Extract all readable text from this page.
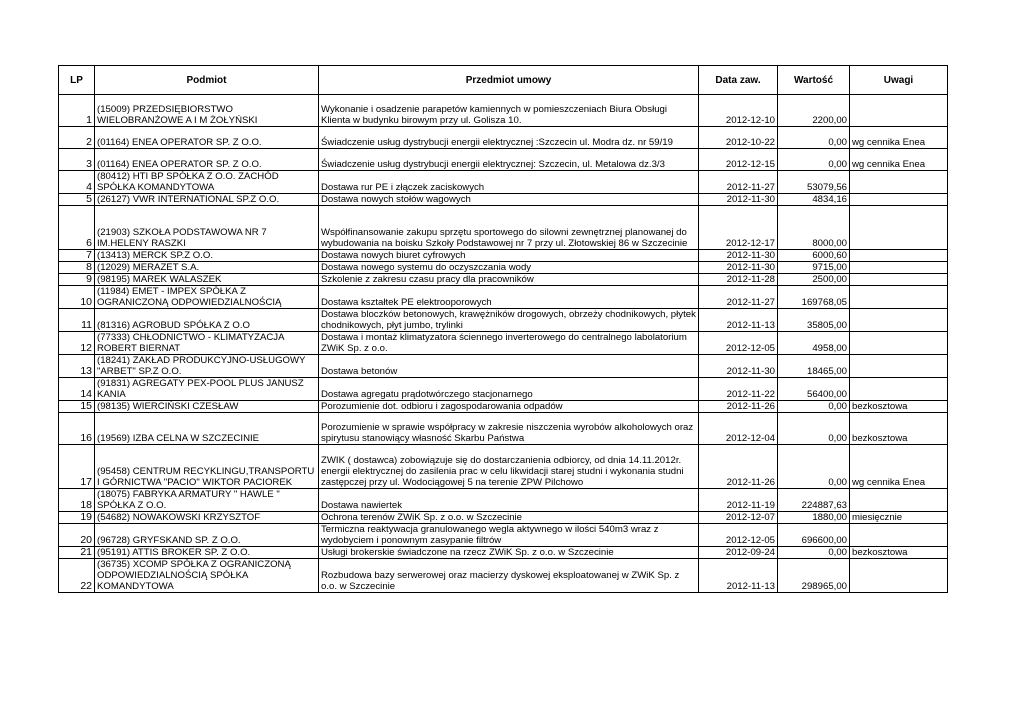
LP	Podmiot	Przedmiot umowy	Data zaw.	Wartość	Uwagi
1	(15009) PRZEDSIĘBIORSTWO WIELOBRANŻOWE A I M ŻOŁYŃSKI	Wykonanie i osadzenie parapetów kamiennych w pomieszczeniach Biura Obsługi Klienta w budynku birowym przy ul. Golisza 10.	2012-12-10	2200,00	
2	(01164) ENEA OPERATOR SP. Z O.O.	Świadczenie usług dystrybucji energii elektrycznej :Szczecin ul. Modra dz. nr 59/19	2012-10-22	0,00	wg cennika Enea
3	(01164) ENEA OPERATOR SP. Z O.O.	Świadczenie usług dystrybucji energii elektrycznej: Szczecin, ul. Metalowa dz.3/3	2012-12-15	0,00	wg cennika Enea
4	(80412) HTI BP SPÓŁKA Z O.O. ZACHÓD SPÓŁKA KOMANDYTOWA	Dostawa rur PE i złączek zaciskowych	2012-11-27	53079,56	
5	(26127) VWR INTERNATIONAL SP.Z O.O.	Dostawa nowych stołów wagowych	2012-11-30	4834,16	
6	(21903) SZKOŁA PODSTAWOWA NR 7 IM.HELENY RASZKI	Współfinansowanie zakupu sprzętu sportowego do silowni zewnętrznej planowanej do wybudowania na boisku Szkoły Podstawowej nr 7 przy ul. Złotowskiej 86 w Szczecinie	2012-12-17	8000,00	
7	(13413) MERCK SP.Z O.O.	Dostawa nowych biuret cyfrowych	2012-11-30	6000,60	
8	(12029) MERAZET S.A.	Dostawa nowego systemu do oczyszczania wody	2012-11-30	9715,00	
9	(98195) MAREK WALASZEK	Szkolenie z zakresu czasu pracy dla pracowników	2012-11-28	2500,00	
10	(11984) EMET - IMPEX SPÓŁKA Z OGRANICZONĄ ODPOWIEDZIALNOŚCIĄ	Dostawa kształtek PE elektrooporowych	2012-11-27	169768,05	
11	(81316) AGROBUD SPÓŁKA Z O.O	Dostawa bloczków betonowych, krawężników drogowych, obrzeży chodnikowych, płytek chodnikowych, płyt jumbo, trylinki	2012-11-13	35805,00	
12	(77333) CHŁODNICTWO - KLIMATYZACJA ROBERT BIERNAT	Dostawa i montaż klimatyzatora ściennego inverterowego do centralnego labolatorium ZWiK Sp. z o.o.	2012-12-05	4958,00	
13	(18241) ZAKŁAD PRODUKCYJNO-USŁUGOWY "ARBET" SP.Z O.O.	Dostawa betonów	2012-11-30	18465,00	
14	(91831) AGREGATY PEX-POOL PLUS JANUSZ KANIA	Dostawa agregatu prądotwórczego stacjonarnego	2012-11-22	56400,00	
15	(98135) WIERCIŃSKI CZESŁAW	Porozumienie dot. odbioru i zagospodarowania odpadów	2012-11-26	0,00	bezkosztowa
16	(19569) IZBA CELNA W SZCZECINIE	Porozumienie w sprawie współpracy w zakresie niszczenia wyrobów alkoholowych oraz spirytusu stanowiący własność Skarbu Państwa	2012-12-04	0,00	bezkosztowa
17	(95458) CENTRUM RECYKLINGU,TRANSPORTU I GÓRNICTWA "PACIO" WIKTOR PACIOREK	ZWIK ( dostawca) zobowiązuje się do dostarczanienia odbiorcy, od dnia 14.11.2012r. energii elektrycznej do zasilenia prac w celu likwidacji starej studni i wykonania studni zastępczej przy ul. Wodociągowej 5 na terenie ZPW Pilchowo	2012-11-26	0,00	wg cennika Enea
18	(18075) FABRYKA ARMATURY " HAWLE " SPÓŁKA Z O.O.	Dostawa nawiertek	2012-11-19	224887,63	
19	(54682) NOWAKOWSKI KRZYSZTOF	Ochrona terenów ZWiK Sp. z o.o. w Szczecinie	2012-12-07	1880,00	miesięcznie
20	(96728) GRYFSKAND SP. Z O.O.	Termiczna reaktywacja granulowanego wegla aktywnego w ilości 540m3 wraz z wydobyciem i ponownym zasypanie filtrów	2012-12-05	696600,00	
21	(95191) ATTIS BROKER SP. Z O.O.	Usługi brokerskie świadczone na rzecz ZWiK Sp. z o.o. w Szczecinie	2012-09-24	0,00	bezkosztowa
22	(36735) XCOMP SPÓŁKA Z OGRANICZONĄ ODPOWIEDZIALNOŚCIĄ SPÓŁKA KOMANDYTOWA	Rozbudowa bazy serwerowej oraz macierzy dyskowej eksploatowanej w ZWiK Sp. z o.o. w Szczecinie	2012-11-13	298965,00	
